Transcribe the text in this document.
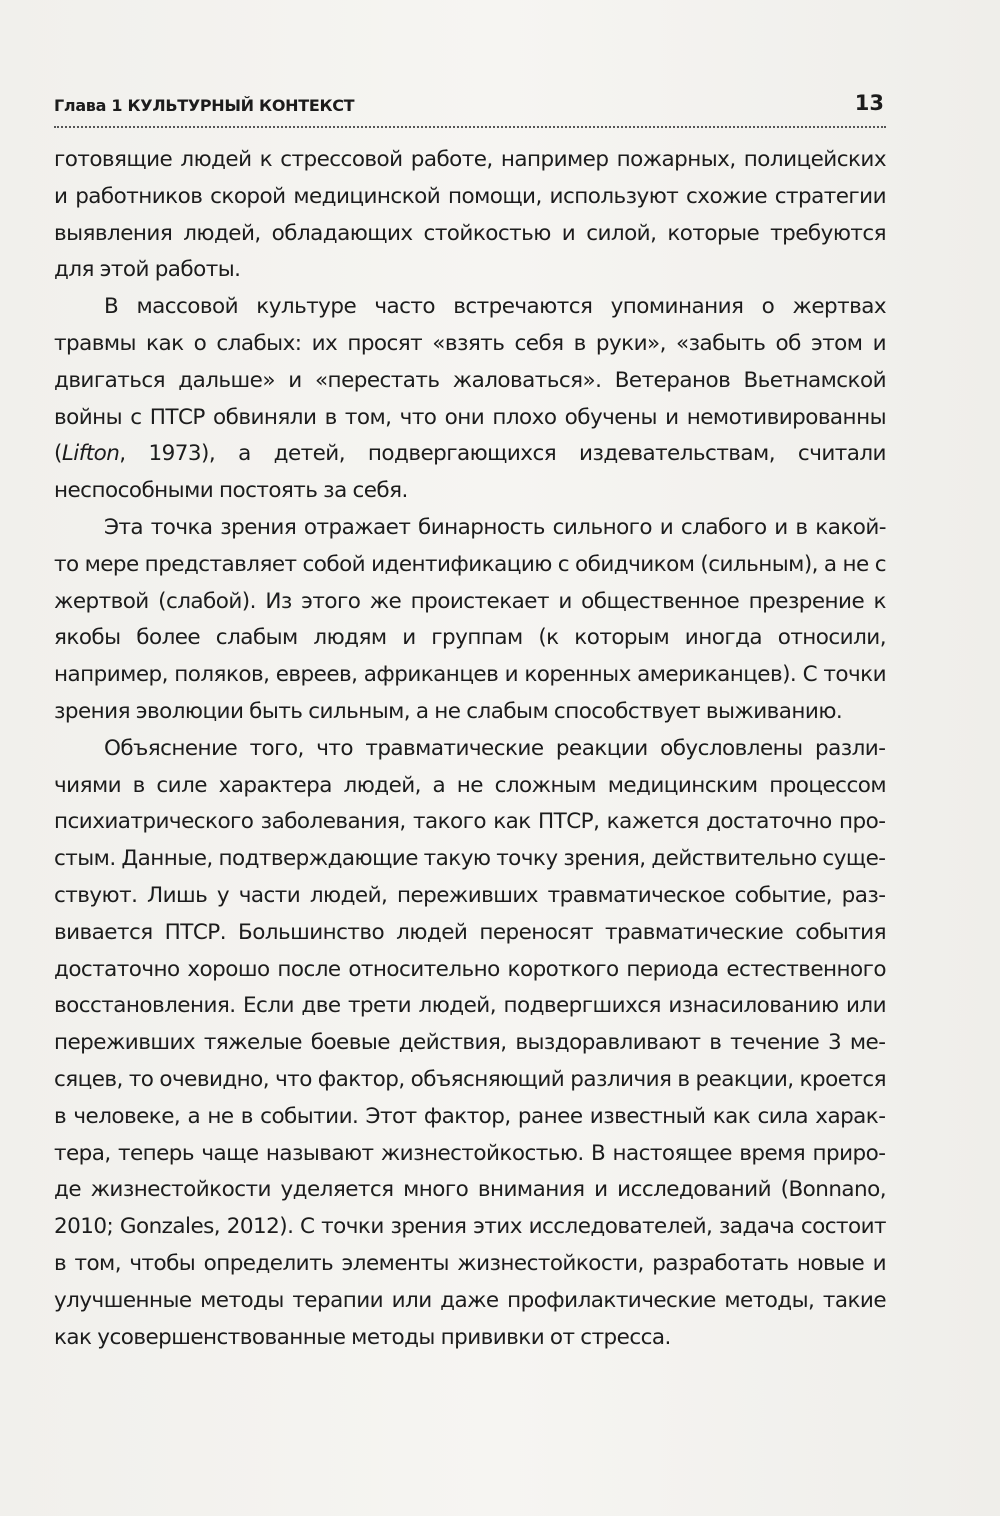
Глава 1 КУЛЬТУРНЫЙ КОНТЕКСТ	13

готовящие людей к стрессовой работе, например пожарных, полицейских и работников скорой медицинской помощи, используют схожие стратегии выявления людей, обладающих стойкостью и силой, которые требуются для этой работы.

В массовой культуре часто встречаются упоминания о жертвах травмы как о слабых: их просят «взять себя в руки», «забыть об этом и двигаться дальше» и «перестать жаловаться». Ветеранов Вьетнамской войны с ПТСР обвиняли в том, что они плохо обучены и немотивированны (Lifton, 1973), а детей, подвергающихся издевательствам, считали неспособными постоять за себя.

Эта точка зрения отражает бинарность сильного и слабого и в какой-то мере представляет собой идентификацию с обидчиком (сильным), а не с жертвой (слабой). Из этого же проистекает и общественное презрение к якобы более слабым людям и группам (к которым иногда относили, например, поляков, евреев, африканцев и коренных американцев). С точки зрения эволюции быть сильным, а не слабым способствует выживанию.

Объяснение того, что травматические реакции обусловлены различиями в силе характера людей, а не сложным медицинским процессом психиатрического заболевания, такого как ПТСР, кажется достаточно простым. Данные, подтверждающие такую точку зрения, действительно существуют. Лишь у части людей, переживших травматическое событие, развивается ПТСР. Большинство людей переносят травматические события достаточно хорошо после относительно короткого периода естественного восстановления. Если две трети людей, подвергшихся изнасилованию или переживших тяжелые боевые действия, выздоравливают в течение 3 месяцев, то очевидно, что фактор, объясняющий различия в реакции, кроется в человеке, а не в событии. Этот фактор, ранее известный как сила характера, теперь чаще называют жизнестойкостью. В настоящее время природе жизнестойкости уделяется много внимания и исследований (Bonnano, 2010; Gonzales, 2012). С точки зрения этих исследователей, задача состоит в том, чтобы определить элементы жизнестойкости, разработать новые и улучшенные методы терапии или даже профилактические методы, такие как усовершенствованные методы прививки от стресса.
